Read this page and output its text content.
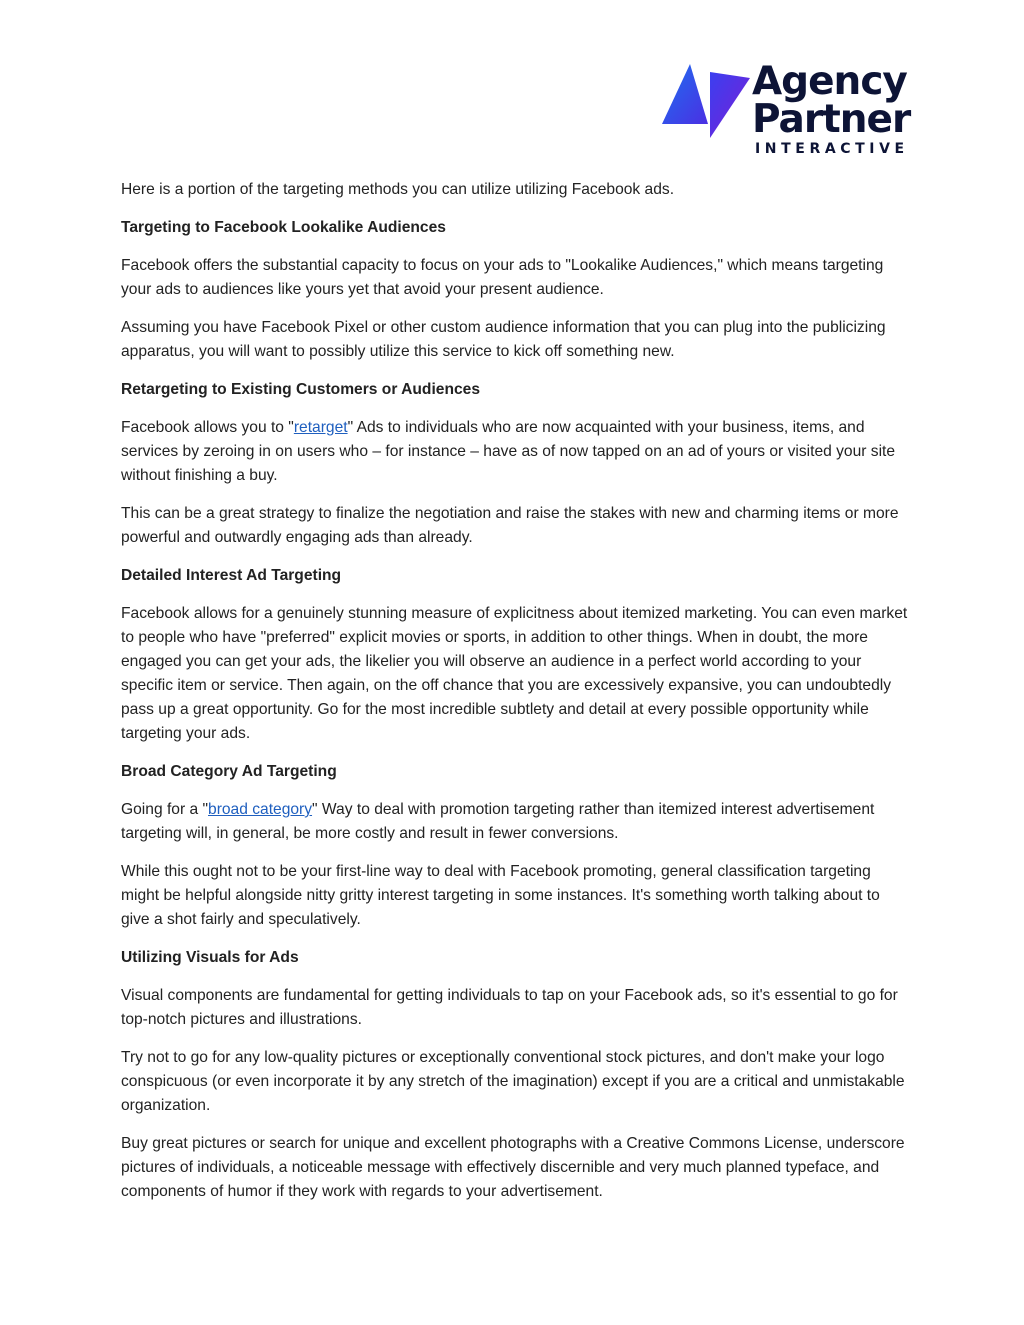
Agency
Partner
INTERACTIVE

Here is a portion of the targeting methods you can utilize utilizing Facebook ads.

Targeting to Facebook Lookalike Audiences

Facebook offers the substantial capacity to focus on your ads to "Lookalike Audiences," which means targeting your ads to audiences like yours yet that avoid your present audience.

Assuming you have Facebook Pixel or other custom audience information that you can plug into the publicizing apparatus, you will want to possibly utilize this service to kick off something new.

Retargeting to Existing Customers or Audiences

Facebook allows you to "retarget" Ads to individuals who are now acquainted with your business, items, and services by zeroing in on users who – for instance – have as of now tapped on an ad of yours or visited your site without finishing a buy.

This can be a great strategy to finalize the negotiation and raise the stakes with new and charming items or more powerful and outwardly engaging ads than already.

Detailed Interest Ad Targeting

Facebook allows for a genuinely stunning measure of explicitness about itemized marketing. You can even market to people who have "preferred" explicit movies or sports, in addition to other things. When in doubt, the more engaged you can get your ads, the likelier you will observe an audience in a perfect world according to your specific item or service. Then again, on the off chance that you are excessively expansive, you can undoubtedly pass up a great opportunity. Go for the most incredible subtlety and detail at every possible opportunity while targeting your ads.

Broad Category Ad Targeting

Going for a "broad category" Way to deal with promotion targeting rather than itemized interest advertisement targeting will, in general, be more costly and result in fewer conversions.

While this ought not to be your first-line way to deal with Facebook promoting, general classification targeting might be helpful alongside nitty gritty interest targeting in some instances. It's something worth talking about to give a shot fairly and speculatively.

Utilizing Visuals for Ads

Visual components are fundamental for getting individuals to tap on your Facebook ads, so it's essential to go for top-notch pictures and illustrations.

Try not to go for any low-quality pictures or exceptionally conventional stock pictures, and don't make your logo conspicuous (or even incorporate it by any stretch of the imagination) except if you are a critical and unmistakable organization.

Buy great pictures or search for unique and excellent photographs with a Creative Commons License, underscore pictures of individuals, a noticeable message with effectively discernible and very much planned typeface, and components of humor if they work with regards to your advertisement.
